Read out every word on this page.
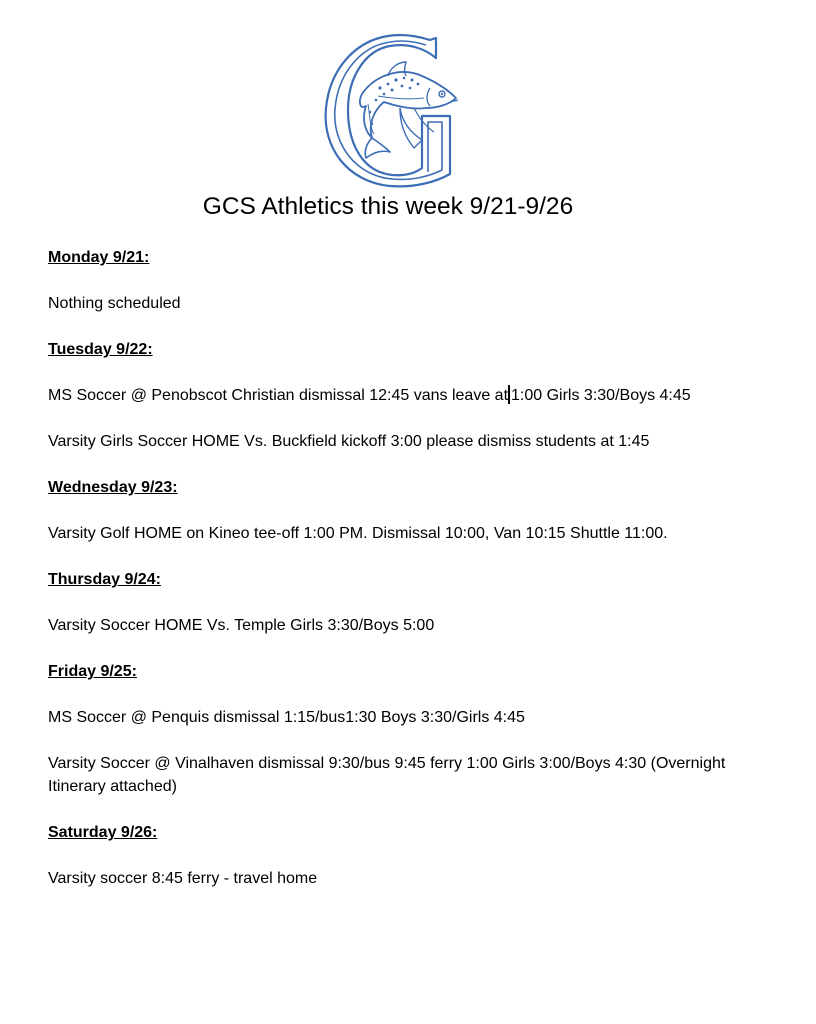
GCS Athletics this week 9/21-9/26
Monday 9/21:
Nothing scheduled
Tuesday 9/22:
MS Soccer @ Penobscot Christian dismissal 12:45 vans leave at 1:00 Girls 3:30/Boys 4:45
Varsity Girls Soccer HOME Vs. Buckfield kickoff 3:00 please dismiss students at 1:45
Wednesday 9/23:
Varsity Golf HOME on Kineo tee-off 1:00 PM. Dismissal 10:00, Van 10:15 Shuttle 11:00.
Thursday 9/24:
Varsity Soccer HOME Vs. Temple Girls 3:30/Boys 5:00
Friday 9/25:
MS Soccer @ Penquis dismissal 1:15/bus1:30 Boys 3:30/Girls 4:45
Varsity Soccer @ Vinalhaven dismissal 9:30/bus 9:45 ferry 1:00 Girls 3:00/Boys 4:30 (Overnight Itinerary attached)
Saturday 9/26:
Varsity soccer 8:45 ferry - travel home
